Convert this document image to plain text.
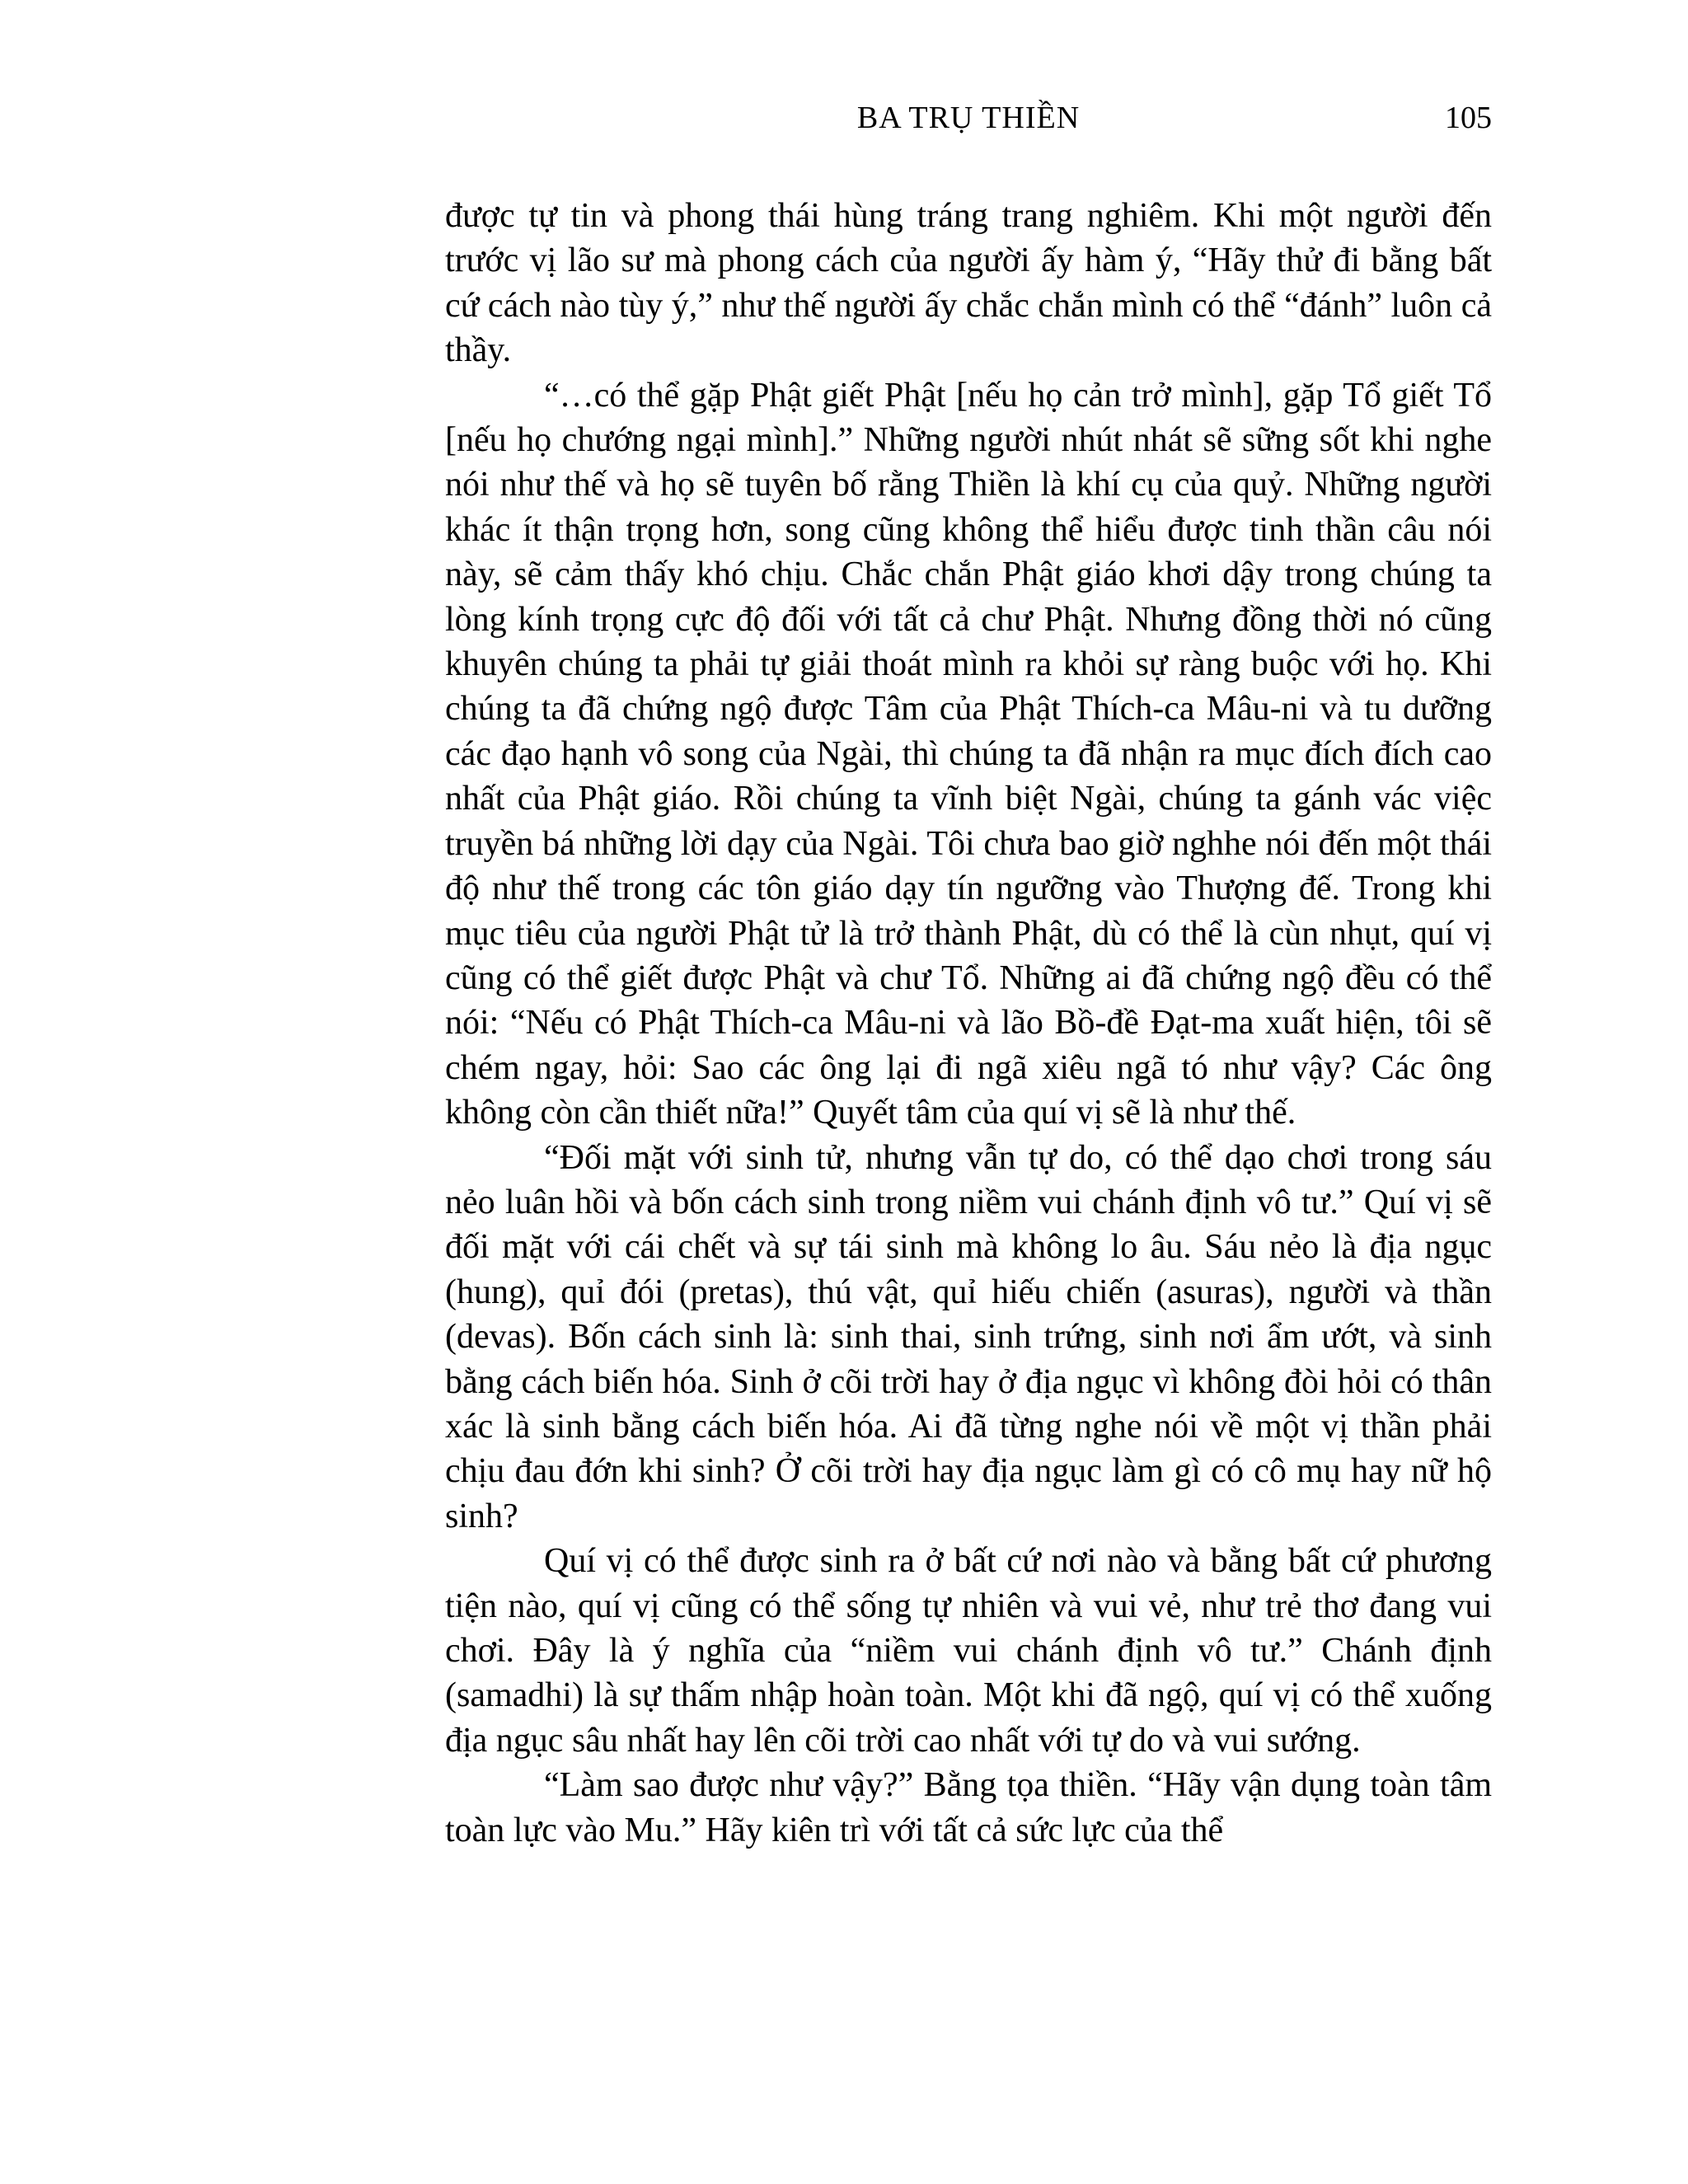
BA TRỤ THIỀN	105

được tự tin và phong thái hùng tráng trang nghiêm. Khi một người đến trước vị lão sư mà phong cách của người ấy hàm ý, “Hãy thử đi bằng bất cứ cách nào tùy ý,” như thế người ấy chắc chắn mình có thể “đánh” luôn cả thầy.

“…có thể gặp Phật giết Phật [nếu họ cản trở mình], gặp Tổ giết Tổ [nếu họ chướng ngại mình].” Những người nhút nhát sẽ sững sốt khi nghe nói như thế và họ sẽ tuyên bố rằng Thiền là khí cụ của quỷ. Những người khác ít thận trọng hơn, song cũng không thể hiểu được tinh thần câu nói này, sẽ cảm thấy khó chịu. Chắc chắn Phật giáo khơi dậy trong chúng ta lòng kính trọng cực độ đối với tất cả chư Phật. Nhưng đồng thời nó cũng khuyên chúng ta phải tự giải thoát mình ra khỏi sự ràng buộc với họ. Khi chúng ta đã chứng ngộ được Tâm của Phật Thích-ca Mâu-ni và tu dưỡng các đạo hạnh vô song của Ngài, thì chúng ta đã nhận ra mục đích đích cao nhất của Phật giáo. Rồi chúng ta vĩnh biệt Ngài, chúng ta gánh vác việc truyền bá những lời dạy của Ngài. Tôi chưa bao giờ nghhe nói đến một thái độ như thế trong các tôn giáo dạy tín ngưỡng vào Thượng đế. Trong khi mục tiêu của người Phật tử là trở thành Phật, dù có thể là cùn nhụt, quí vị cũng có thể giết được Phật và chư Tổ. Những ai đã chứng ngộ đều có thể nói: “Nếu có Phật Thích-ca Mâu-ni và lão Bồ-đề Đạt-ma xuất hiện, tôi sẽ chém ngay, hỏi: Sao các ông lại đi ngã xiêu ngã tó như vậy? Các ông không còn cần thiết nữa!” Quyết tâm của quí vị sẽ là như thế.

“Đối mặt với sinh tử, nhưng vẫn tự do, có thể dạo chơi trong sáu nẻo luân hồi và bốn cách sinh trong niềm vui chánh định vô tư.” Quí vị sẽ đối mặt với cái chết và sự tái sinh mà không lo âu. Sáu nẻo là địa ngục (hung), quỉ đói (pretas), thú vật, quỉ hiếu chiến (asuras), người và thần (devas). Bốn cách sinh là: sinh thai, sinh trứng, sinh nơi ẩm ướt, và sinh bằng cách biến hóa. Sinh ở cõi trời hay ở địa ngục vì không đòi hỏi có thân xác là sinh bằng cách biến hóa. Ai đã từng nghe nói về một vị thần phải chịu đau đớn khi sinh? Ở cõi trời hay địa ngục làm gì có cô mụ hay nữ hộ sinh?

Quí vị có thể được sinh ra ở bất cứ nơi nào và bằng bất cứ phương tiện nào, quí vị cũng có thể sống tự nhiên và vui vẻ, như trẻ thơ đang vui chơi. Đây là ý nghĩa của “niềm vui chánh định vô tư.” Chánh định (samadhi) là sự thấm nhập hoàn toàn. Một khi đã ngộ, quí vị có thể xuống địa ngục sâu nhất hay lên cõi trời cao nhất với tự do và vui sướng.

“Làm sao được như vậy?” Bằng tọa thiền. “Hãy vận dụng toàn tâm toàn lực vào Mu.” Hãy kiên trì với tất cả sức lực của thể
